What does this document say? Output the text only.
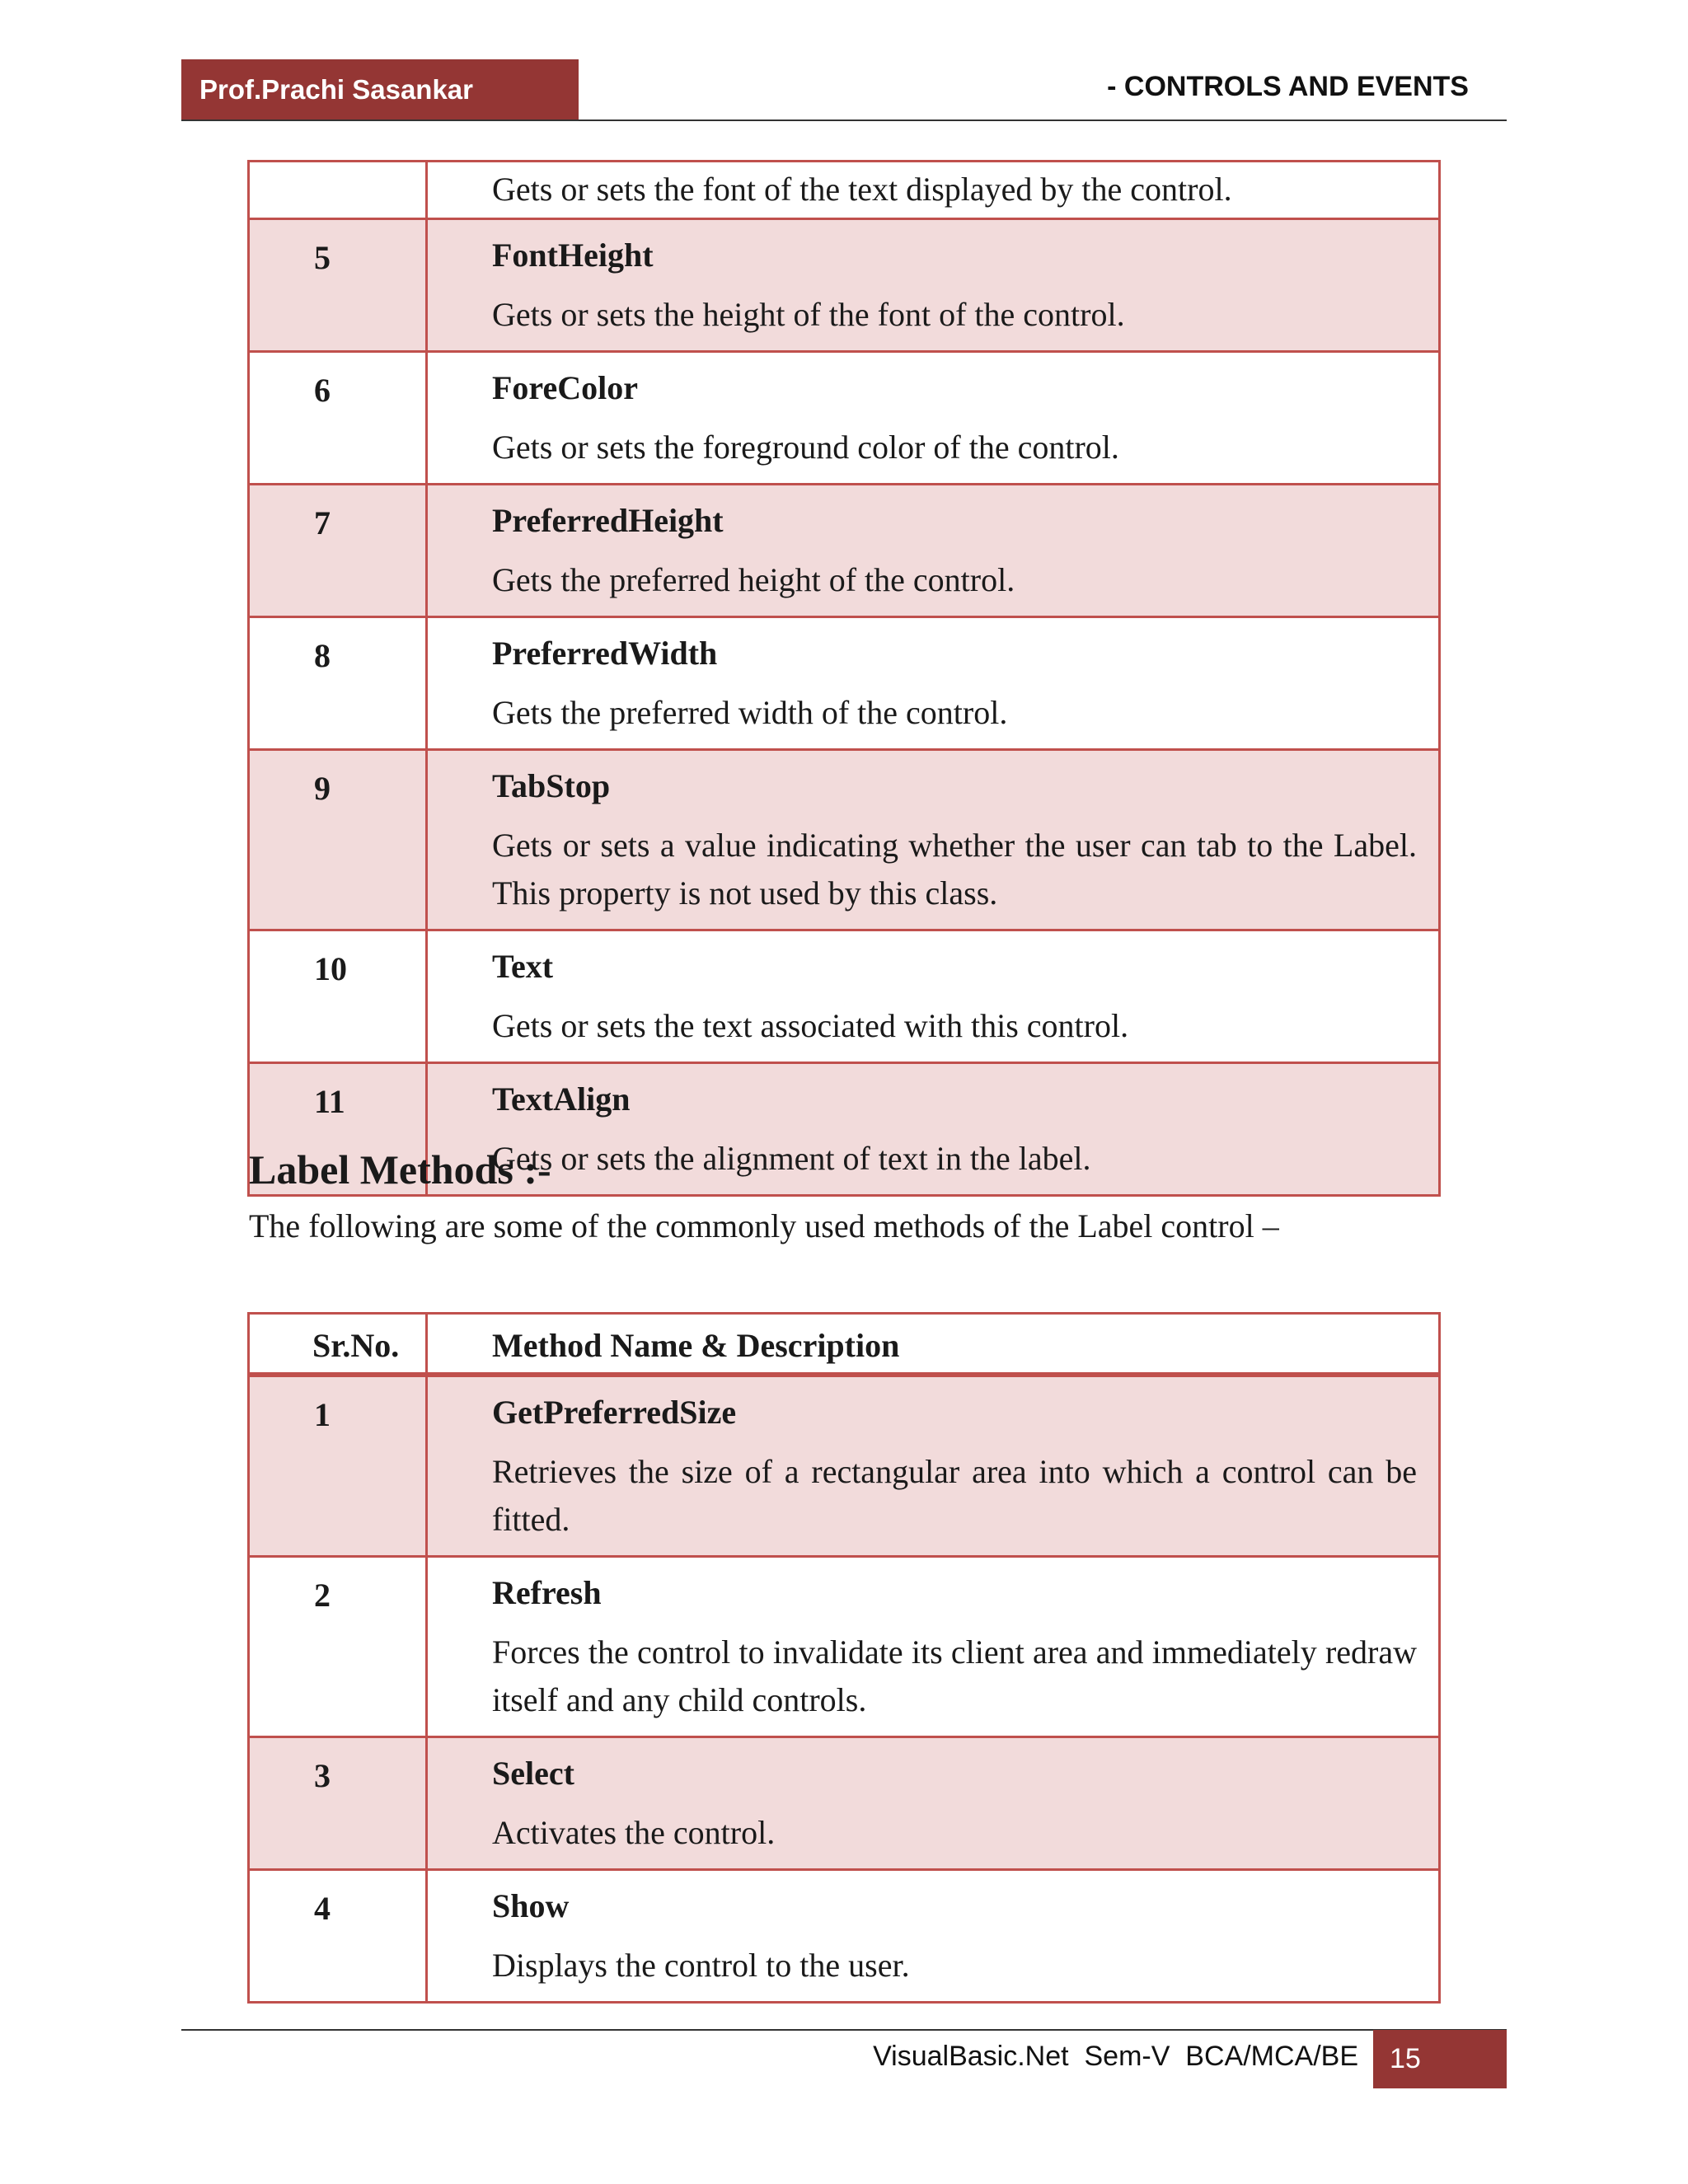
Prof.Prachi Sasankar	- CONTROLS AND EVENTS

	Gets or sets the font of the text displayed by the control.

5	FontHeight
Gets or sets the height of the font of the control.

6	ForeColor
Gets or sets the foreground color of the control.

7	PreferredHeight
Gets the preferred height of the control.

8	PreferredWidth
Gets the preferred width of the control.

9	TabStop
Gets or sets a value indicating whether the user can tab to the Label. This property is not used by this class.

10	Text
Gets or sets the text associated with this control.

11	TextAlign
Gets or sets the alignment of text in the label.
Label Methods :-
The following are some of the commonly used methods of the Label control –
Sr.No.	Method Name & Description
1	GetPreferredSize
Retrieves the size of a rectangular area into which a control can be fitted.

2	Refresh
Forces the control to invalidate its client area and immediately redraw itself and any child controls.

3	Select
Activates the control.

4	Show
Displays the control to the user.
VisualBasic.Net  Sem-V  BCA/MCA/BE 15
